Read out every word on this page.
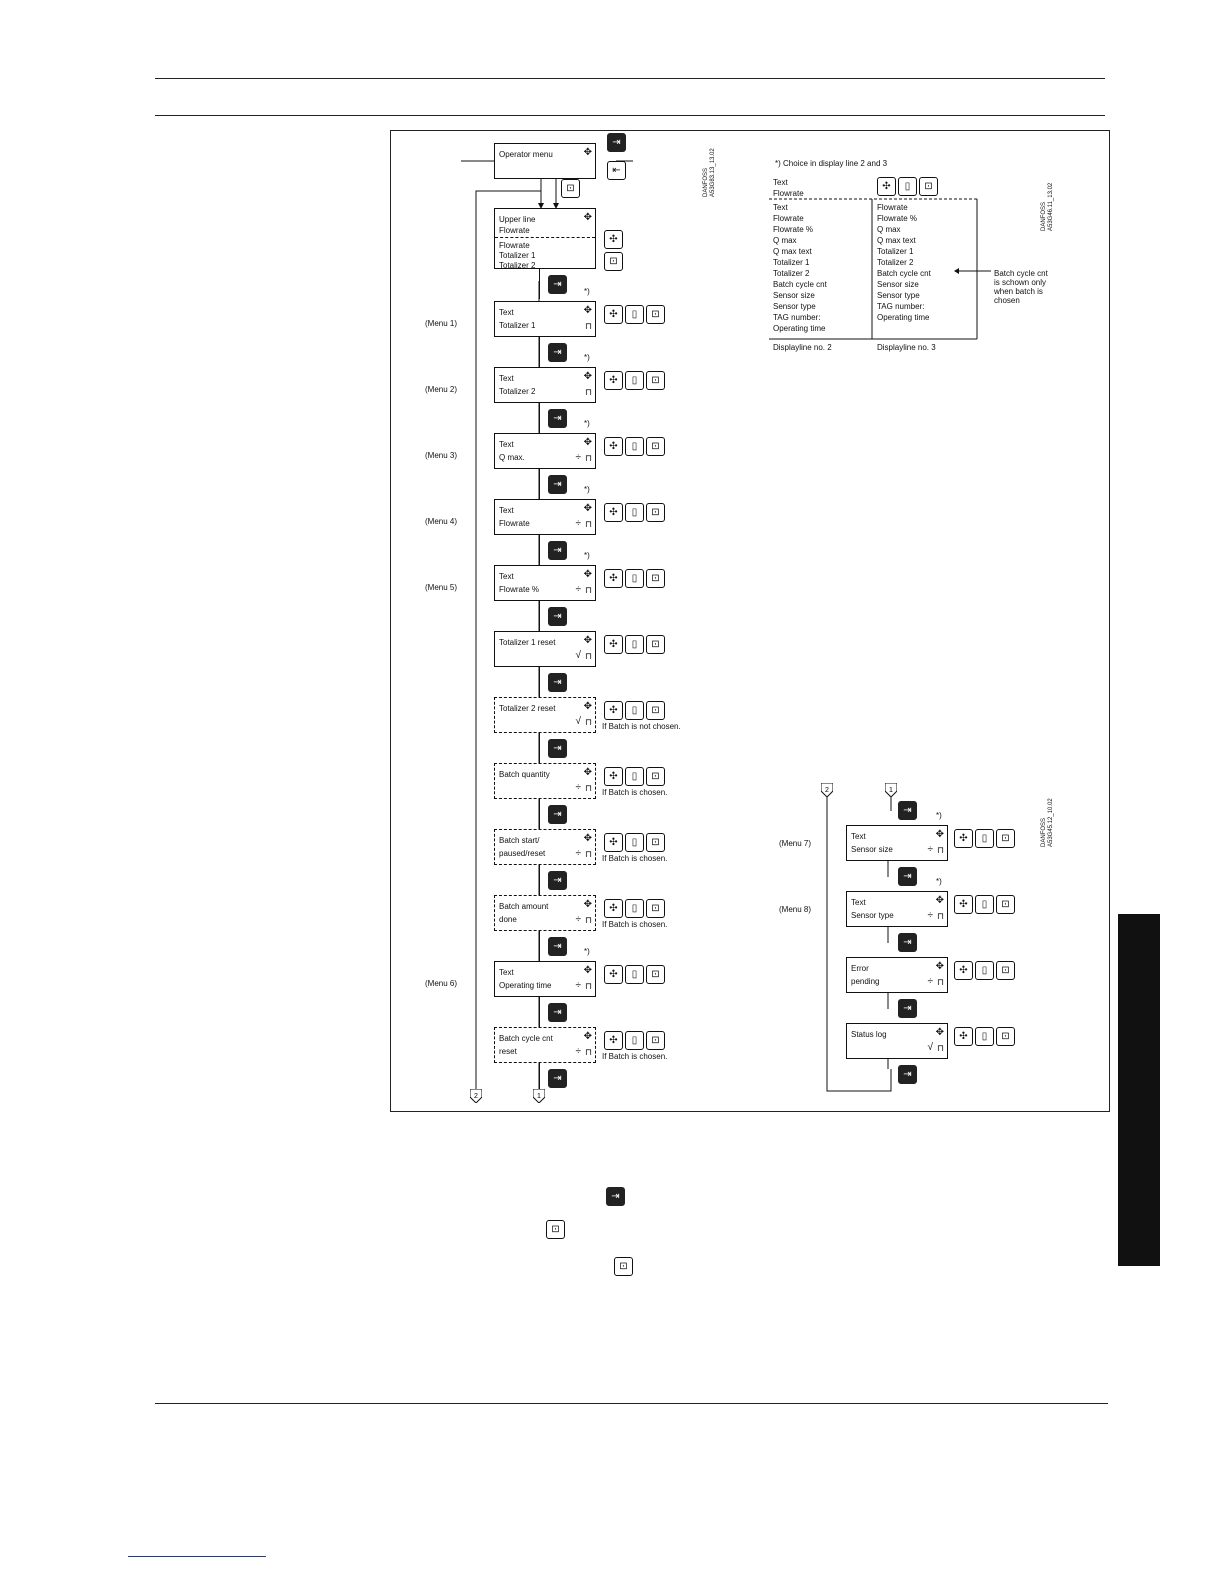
Operator menu	✥
⇥
⇤
⊡
Upper line
Flowrate
Flowrate
Totalizer 1
Totalizer 2
✥
✣
⊡
⇥
Text
Totalizer 1
✥
⊓
✣	▯	⊡
(Menu 1)
*)
⇥
Text
Totalizer 2
✥
⊓
✣	▯	⊡
(Menu 2)
*)
⇥
Text
Q max.
✥
÷ ⊓
✣	▯	⊡
(Menu 3)
*)
⇥
Text
Flowrate
✥
÷ ⊓
✣	▯	⊡
(Menu 4)
*)
⇥
Text
Flowrate %
✥
÷ ⊓
✣	▯	⊡
(Menu 5)
*)
⇥
Totalizer 1 reset	✥
√ ⊓
✣	▯	⊡
⇥
Totalizer 2 reset	✥
√ ⊓
✣	▯	⊡
If Batch is not chosen.
⇥
Batch quantity	✥
÷ ⊓
✣	▯	⊡
If Batch is chosen.
⇥
Batch start/
paused/reset
✥
÷ ⊓
✣	▯	⊡
If Batch is chosen.
⇥
Batch amount
done
✥
÷ ⊓
✣	▯	⊡
If Batch is chosen.
⇥
Text
Operating time
✥
÷ ⊓
✣	▯	⊡
(Menu 6)
*)
⇥
Batch cycle cnt
reset
✥
÷ ⊓
✣	▯	⊡
If Batch is chosen.
⇥
Text
Sensor size
✥
÷ ⊓
✣	▯	⊡
(Menu 7)
*)
⇥
Text
Sensor type
✥
÷ ⊓
✣	▯	⊡
(Menu 8)
*)
⇥
Error
pending
✥
÷ ⊓
✣	▯	⊡
⇥
Status log	✥
√ ⊓
✣	▯	⊡
⇥
⇥
✣	▯	⊡
2	1
2	1
*) Choice in display line 2 and 3
Text
Flowrate
Text
Flowrate
Flowrate %
Q max
Q max text
Totalizer 1
Totalizer 2
Batch cycle cnt
Sensor size
Sensor type
TAG number:
Operating time
Flowrate
Flowrate %
Q max
Q max text
Totalizer 1
Totalizer 2
Batch cycle cnt
Sensor size
Sensor type
TAG number:
Operating time
Displayline no. 2	Displayline no. 3
Batch cycle cnt
is schown only
when batch is
chosen
DANFOSS A53G83.13_13.02
DANFOSS A53G46.11_13.02
DANFOSS A53G45.12_10.02
⇥
⊡
⊡
